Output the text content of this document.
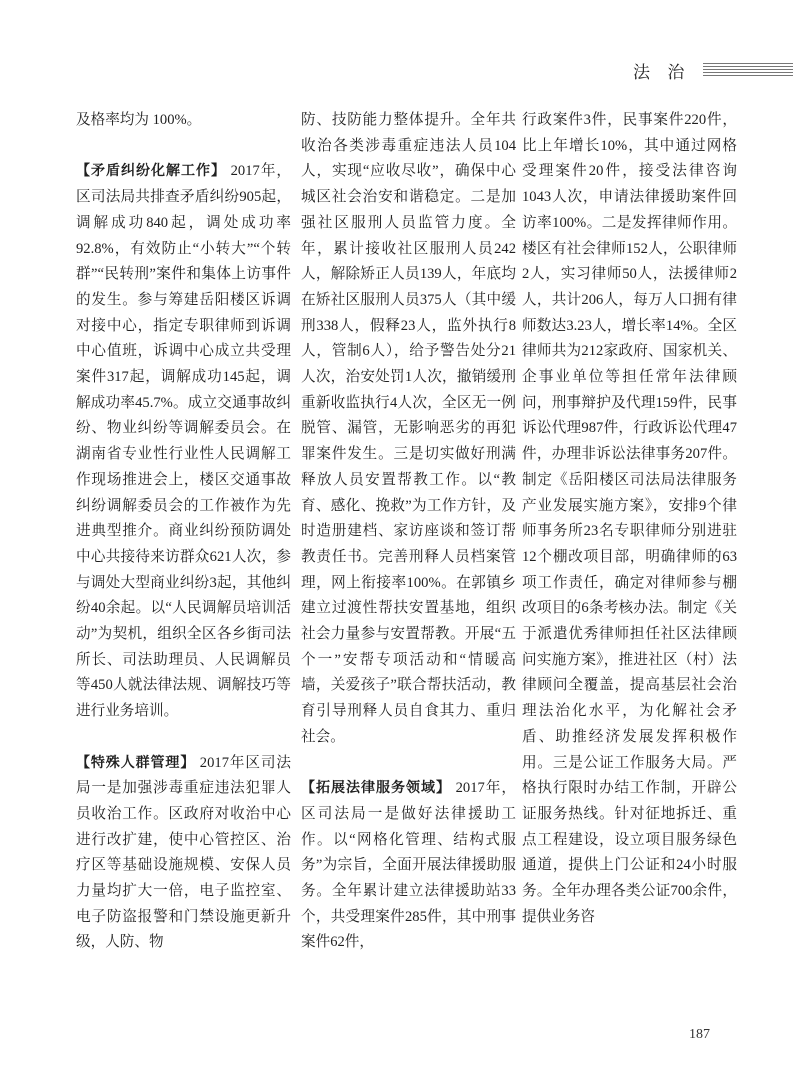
法 治

及格率均为 100%。

【矛盾纠纷化解工作】 2017年，区司法局共排查矛盾纠纷905起，调解成功840起，调处成功率92.8%，有效防止“小转大”“个转群”“民转刑”案件和集体上访事件的发生。参与筹建岳阳楼区诉调对接中心，指定专职律师到诉调中心值班，诉调中心成立共受理案件317起，调解成功145起，调解成功率45.7%。成立交通事故纠纷、物业纠纷等调解委员会。在湖南省专业性行业性人民调解工作现场推进会上，楼区交通事故纠纷调解委员会的工作被作为先进典型推介。商业纠纷预防调处中心共接待来访群众621人次，参与调处大型商业纠纷3起，其他纠纷40余起。以“人民调解员培训活动”为契机，组织全区各乡街司法所长、司法助理员、人民调解员等450人就法律法规、调解技巧等进行业务培训。

【特殊人群管理】 2017年区司法局一是加强涉毒重症违法犯罪人员收治工作。区政府对收治中心进行改扩建，使中心管控区、治疗区等基础设施规模、安保人员力量均扩大一倍，电子监控室、电子防盗报警和门禁设施更新升级，人防、物

防、技防能力整体提升。全年共收治各类涉毒重症违法人员104人，实现“应收尽收”，确保中心城区社会治安和谐稳定。二是加强社区服刑人员监管力度。全年，累计接收社区服刑人员242人，解除矫正人员139人，年底均在矫社区服刑人员375人（其中缓刑338人，假释23人，监外执行8人，管制6人），给予警告处分21人次，治安处罚1人次，撤销缓刑重新收监执行4人次，全区无一例脱管、漏管，无影响恶劣的再犯罪案件发生。三是切实做好刑满释放人员安置帮教工作。以“教育、感化、挽救”为工作方针，及时造册建档、家访座谈和签订帮教责任书。完善刑释人员档案管理，网上衔接率100%。在郭镇乡建立过渡性帮扶安置基地，组织社会力量参与安置帮教。开展“五个一”安帮专项活动和“情暖高墙，关爱孩子”联合帮扶活动，教育引导刑释人员自食其力、重归社会。

【拓展法律服务领域】 2017年，区司法局一是做好法律援助工作。以“网格化管理、结构式服务”为宗旨，全面开展法律援助服务。全年累计建立法律援助站33个，共受理案件285件，其中刑事案件62件，

行政案件3件，民事案件220件，比上年增长10%，其中通过网格受理案件20件，接受法律咨询1043人次，申请法律援助案件回访率100%。二是发挥律师作用。楼区有社会律师152人，公职律师2人，实习律师50人，法援律师2人，共计206人，每万人口拥有律师数达3.23人，增长率14%。全区律师共为212家政府、国家机关、企事业单位等担任常年法律顾问，刑事辩护及代理159件，民事诉讼代理987件，行政诉讼代理47件，办理非诉讼法律事务207件。制定《岳阳楼区司法局法律服务产业发展实施方案》，安排9个律师事务所23名专职律师分别进驻12个棚改项目部，明确律师的63项工作责任，确定对律师参与棚改项目的6条考核办法。制定《关于派遣优秀律师担任社区法律顾问实施方案》，推进社区（村）法律顾问全覆盖，提高基层社会治理法治化水平，为化解社会矛盾、助推经济发展发挥积极作用。三是公证工作服务大局。严格执行限时办结工作制，开辟公证服务热线。针对征地拆迁、重点工程建设，设立项目服务绿色通道，提供上门公证和24小时服务。全年办理各类公证700余件，提供业务咨

187
